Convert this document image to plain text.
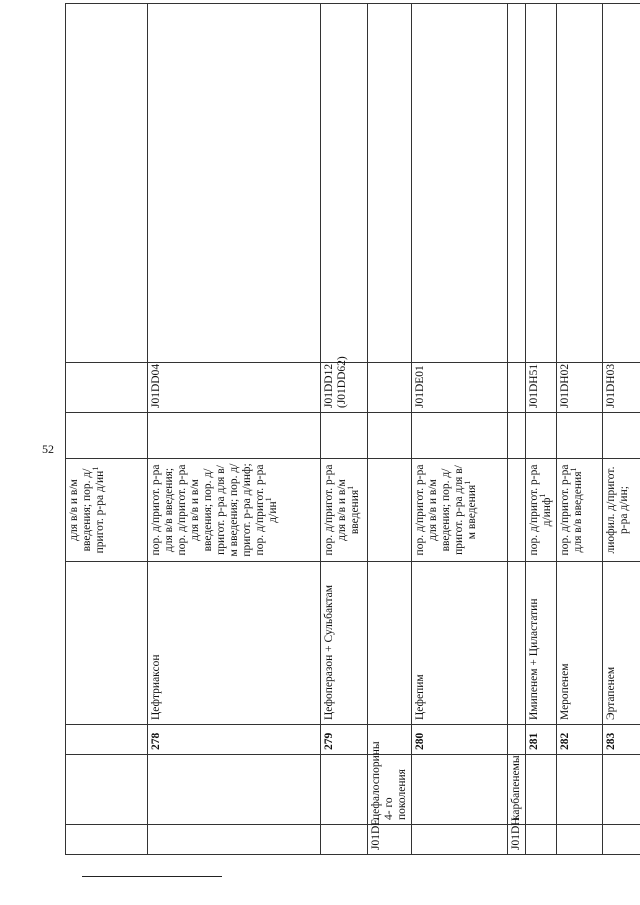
52
				для в/в и в/м введения; пор. д/пригот. р-ра $д/ин^1$			
		278	Цефтриаксон	пор. д/пригот. р-ра для в/в введения; пор. д/пригот. р-ра для в/в и в/м введения; пор. д/пригот. р-ра для в/м введения; пор. д/пригот. р-ра д/инф; пор. д/пригот. р-ра $д/ин^1$		J01DD04	
		279	Цефоперазон + Сульбактам	пор. д/пригот. р-ра для в/в и в/м введения$^1$		J01DD12 (J01DD62)	
J01DE	цефалоспорины 4- го поколения						
		280	Цефепим	пор. д/пригот. р-ра для в/в и в/м введения; пор. д/пригот. р-ра для в/м введения$^1$		J01DE01	
J01DH	карбапенемы						
		281	Имипенем + Циластатин	пор. д/пригот. р-ра д/инф$^1$		J01DH51	
		282	Меропенем	пор. д/пригот. р-ра для в/в введения$^1$		J01DH02	
		283	Эртапенем	лиофил. д/пригот. р-ра д/ин;		J01DH03	
